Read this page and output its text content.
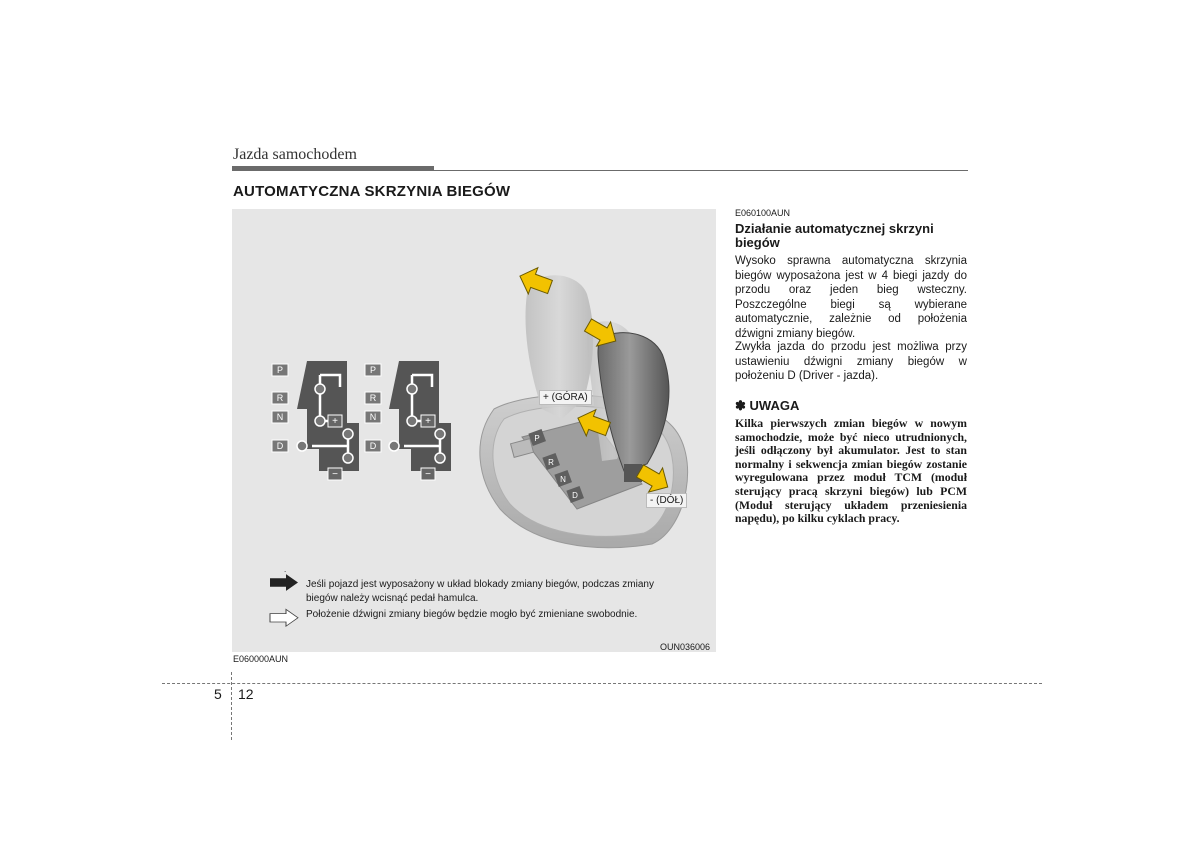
Jazda samochodem
AUTOMATYCZNA SKRZYNIA BIEGÓW
P
R
N
D
+
−
P
R
N
D
+
−
P
R
N
D
+ (GÓRA)
- (DÓŁ)
.
Jeśli pojazd jest wyposażony w układ blokady zmiany biegów, podczas zmiany biegów należy wcisnąć pedał hamulca.
Położenie dźwigni zmiany biegów będzie mogło być zmieniane swobodnie.
OUN036006
E060000AUN
E060100AUN
Działanie automatycznej skrzyni biegów
Wysoko sprawna automatyczna skrzynia biegów wyposażona jest w 4 biegi jazdy do przodu oraz jeden bieg wsteczny. Poszczególne biegi są wybierane automatycznie, zależnie od położenia dźwigni zmiany biegów.
Zwykła jazda do przodu jest możliwa przy ustawieniu dźwigni zmiany biegów w położeniu D (Driver - jazda).
✽ UWAGA
Kilka pierwszych zmian biegów w nowym samochodzie, może być nieco utrudnionych, jeśli odłączony był akumulator. Jest to stan normalny i sekwencja zmian biegów zostanie wyregulowana przez moduł TCM (moduł sterujący pracą skrzyni biegów) lub PCM (Moduł sterujący układem przeniesienia napędu), po kilku cyklach pracy.
5 12
